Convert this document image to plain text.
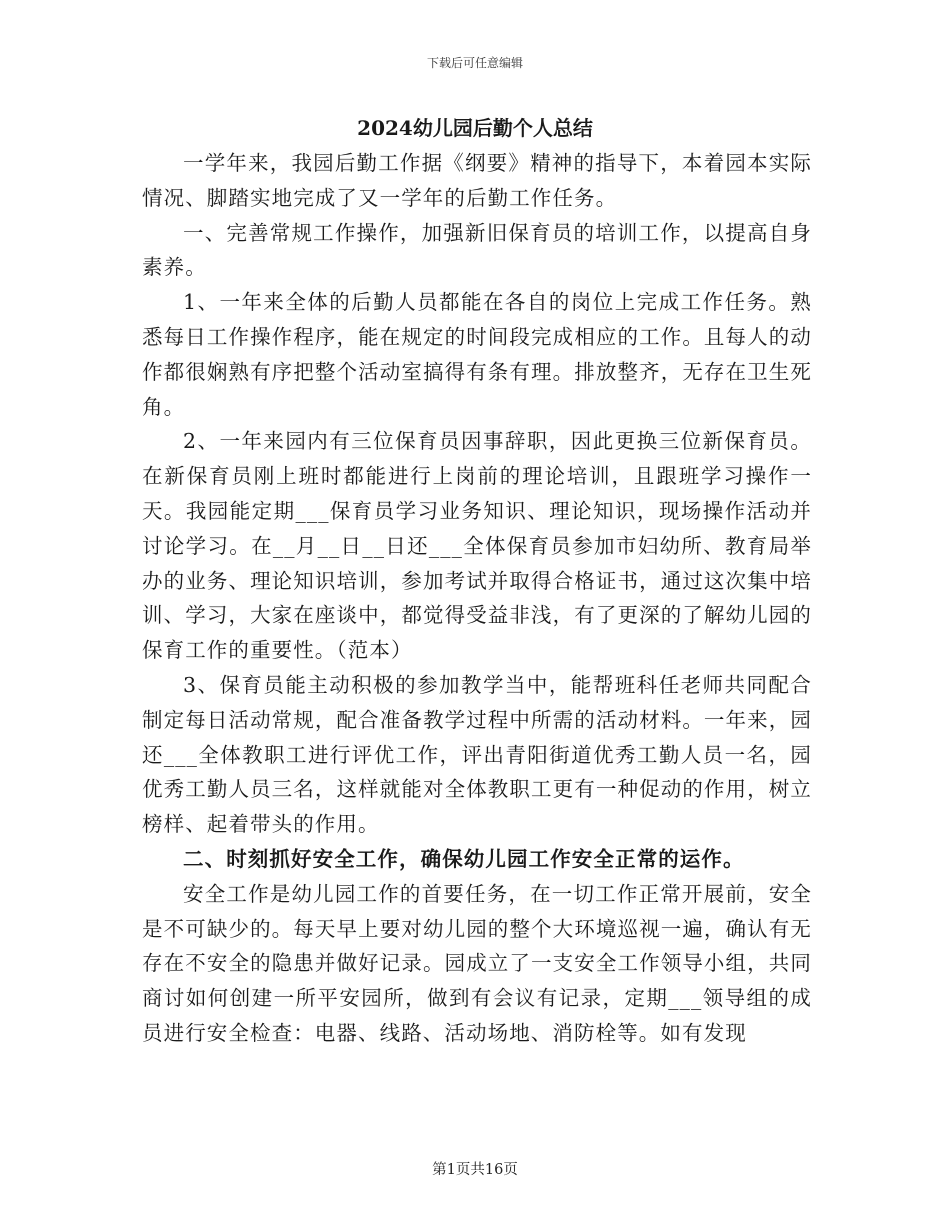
下载后可任意编辑
2024幼儿园后勤个人总结

一学年来，我园后勤工作据《纲要》精神的指导下，本着园本实际情况、脚踏实地完成了又一学年的后勤工作任务。

一、完善常规工作操作，加强新旧保育员的培训工作，以提高自身素养。

1、一年来全体的后勤人员都能在各自的岗位上完成工作任务。熟悉每日工作操作程序，能在规定的时间段完成相应的工作。且每人的动作都很娴熟有序把整个活动室搞得有条有理。排放整齐，无存在卫生死角。

2、一年来园内有三位保育员因事辞职，因此更换三位新保育员。在新保育员刚上班时都能进行上岗前的理论培训，且跟班学习操作一天。我园能定期___保育员学习业务知识、理论知识，现场操作活动并讨论学习。在__月__日__日还___全体保育员参加市妇幼所、教育局举办的业务、理论知识培训，参加考试并取得合格证书，通过这次集中培训、学习，大家在座谈中，都觉得受益非浅，有了更深的了解幼儿园的保育工作的重要性。（范本）

3、保育员能主动积极的参加教学当中，能帮班科任老师共同配合制定每日活动常规，配合准备教学过程中所需的活动材料。一年来，园还___全体教职工进行评优工作，评出青阳街道优秀工勤人员一名，园优秀工勤人员三名，这样就能对全体教职工更有一种促动的作用，树立榜样、起着带头的作用。

二、时刻抓好安全工作，确保幼儿园工作安全正常的运作。

安全工作是幼儿园工作的首要任务，在一切工作正常开展前，安全是不可缺少的。每天早上要对幼儿园的整个大环境巡视一遍，确认有无存在不安全的隐患并做好记录。园成立了一支安全工作领导小组，共同商讨如何创建一所平安园所，做到有会议有记录，定期___领导组的成员进行安全检查：电器、线路、活动场地、消防栓等。如有发现

第1页共16页
